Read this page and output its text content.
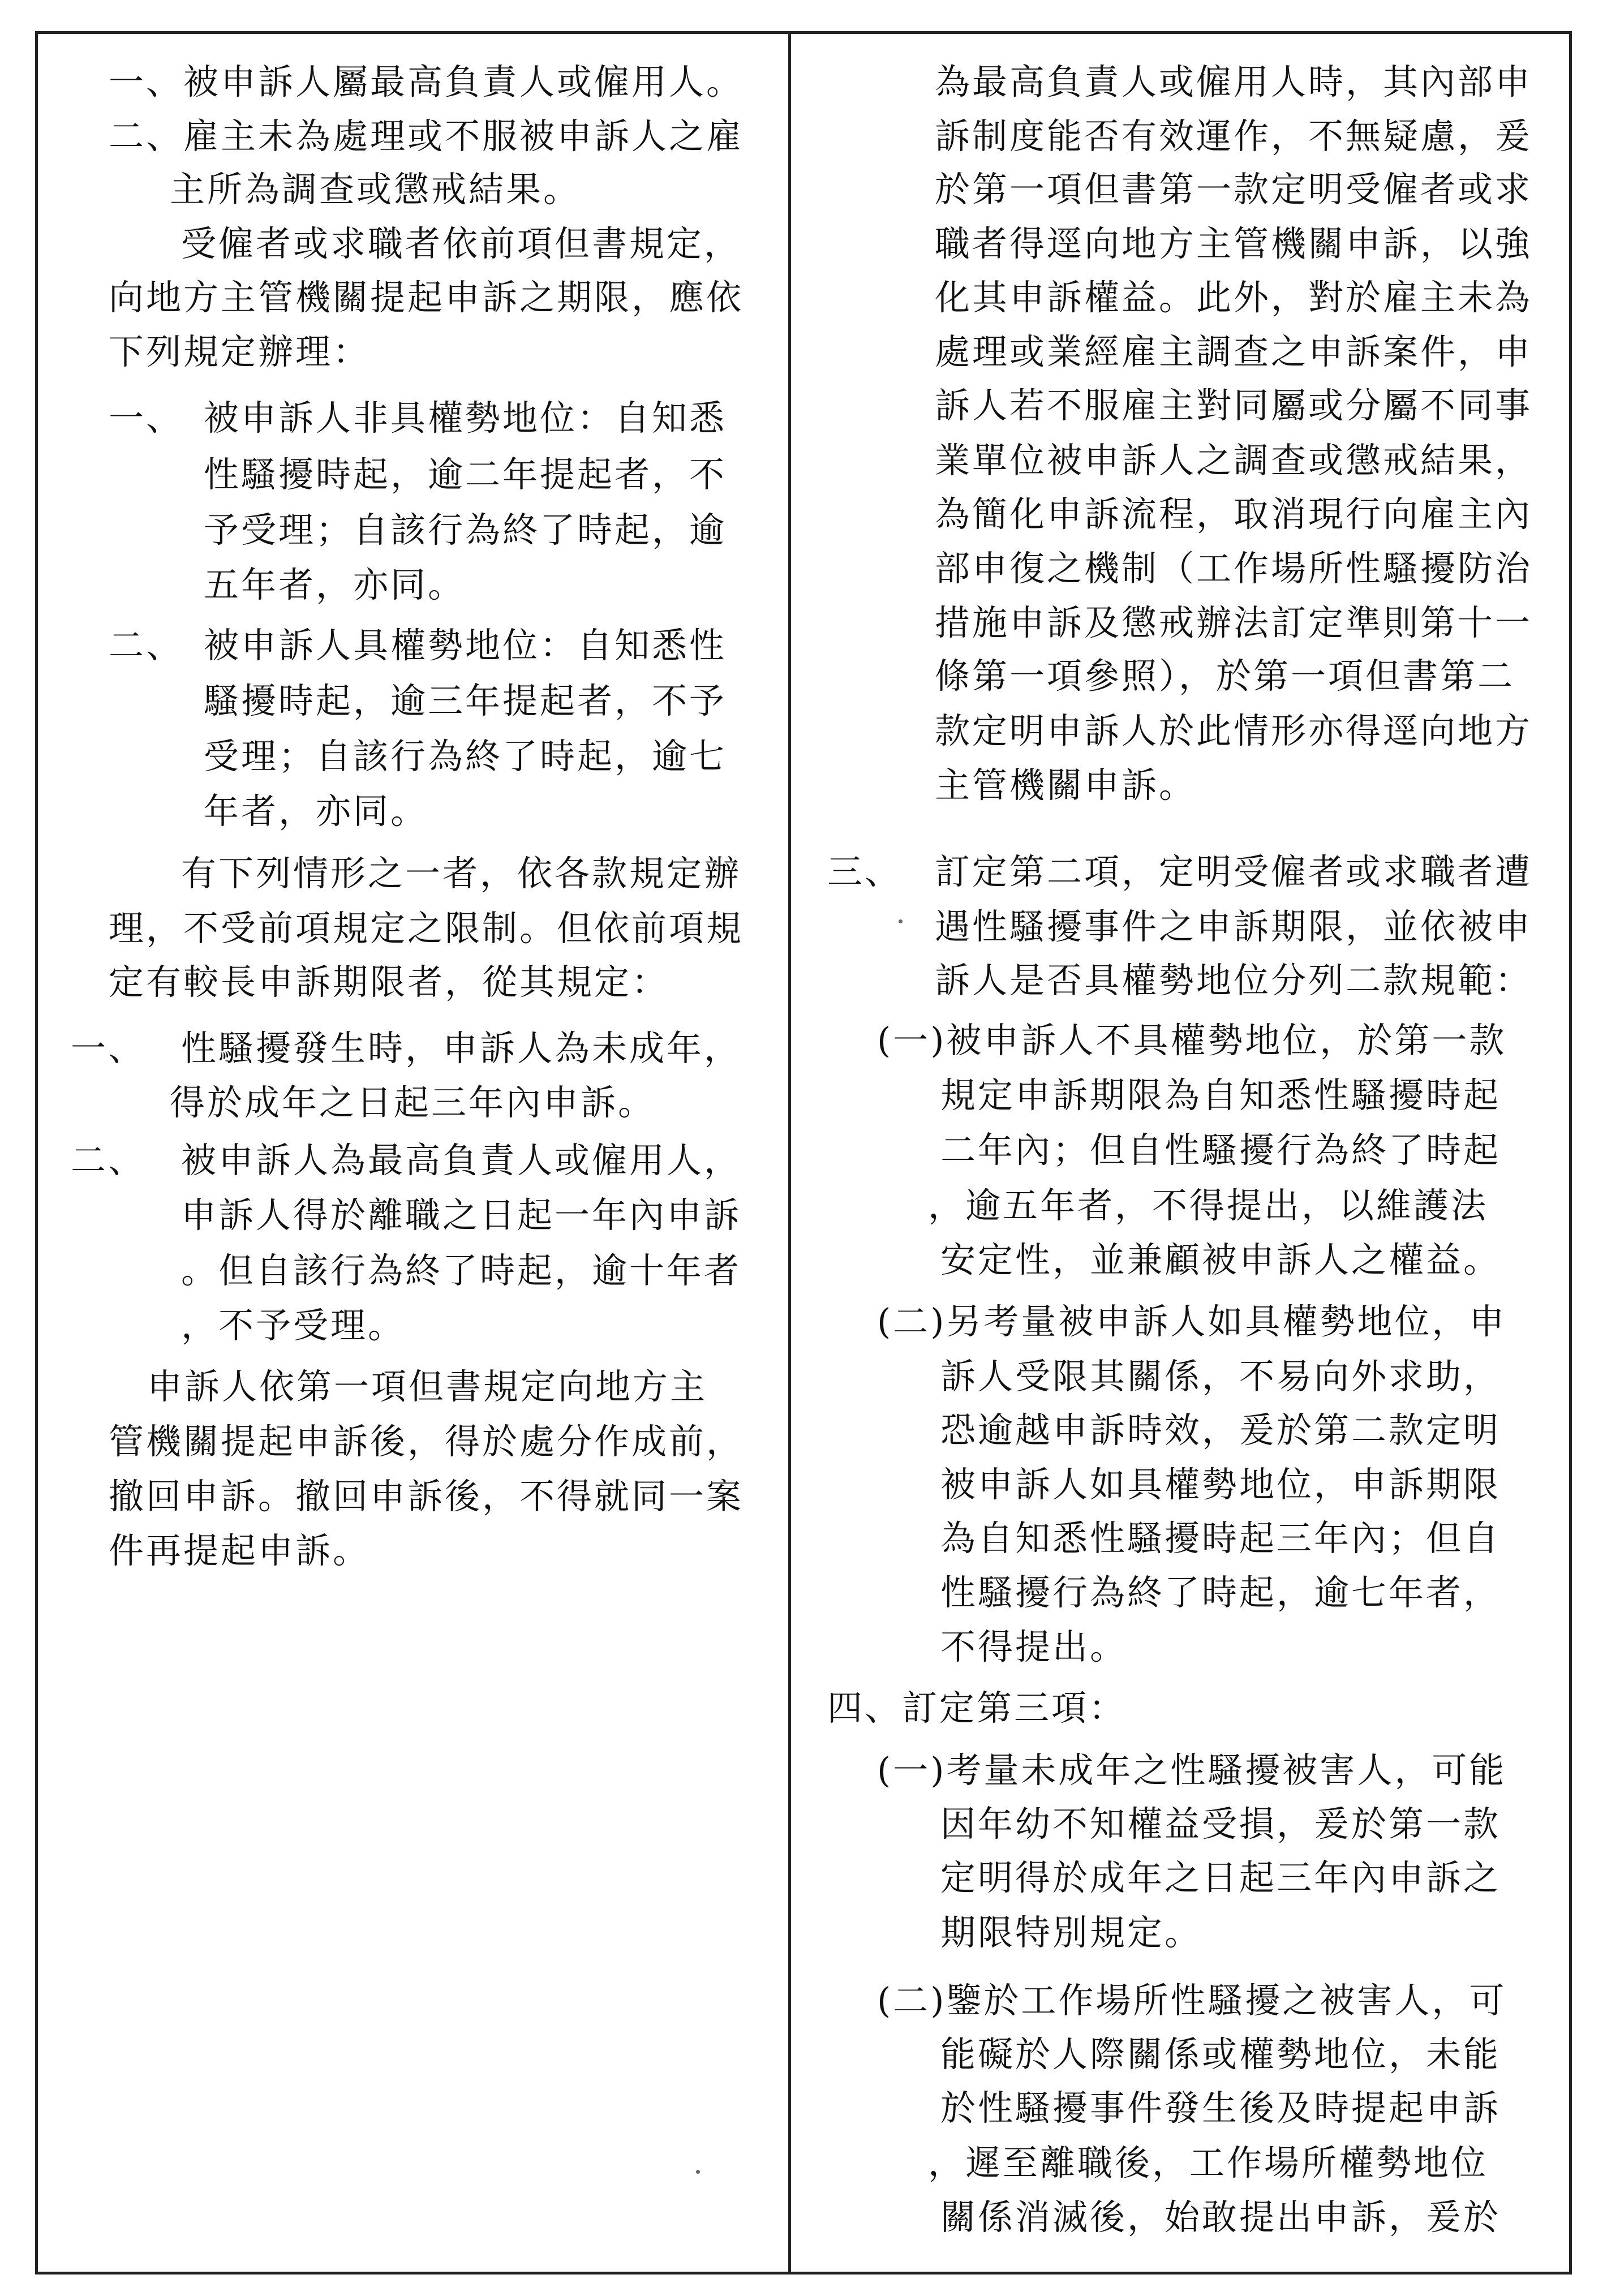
一、被申訴人屬最高負責人或僱用人。
二、雇主未為處理或不服被申訴人之雇
主所為調查或懲戒結果。
受僱者或求職者依前項但書規定，
向地方主管機關提起申訴之期限，應依
下列規定辦理：
一、 被申訴人非具權勢地位：自知悉
性騷擾時起，逾二年提起者，不
予受理；自該行為終了時起，逾
五年者，亦同。
二、 被申訴人具權勢地位：自知悉性
騷擾時起，逾三年提起者，不予
受理；自該行為終了時起，逾七
年者，亦同。
有下列情形之一者，依各款規定辦
理，不受前項規定之限制。但依前項規
定有較長申訴期限者，從其規定：
一、 性騷擾發生時，申訴人為未成年，
得於成年之日起三年內申訴。
二、 被申訴人為最高負責人或僱用人，
申訴人得於離職之日起一年內申訴
。但自該行為終了時起，逾十年者
，不予受理。
申訴人依第一項但書規定向地方主
管機關提起申訴後，得於處分作成前，
撤回申訴。撤回申訴後，不得就同一案
件再提起申訴。
為最高負責人或僱用人時，其內部申
訴制度能否有效運作，不無疑慮，爰
於第一項但書第一款定明受僱者或求
職者得逕向地方主管機關申訴，以強
化其申訴權益。此外，對於雇主未為
處理或業經雇主調查之申訴案件，申
訴人若不服雇主對同屬或分屬不同事
業單位被申訴人之調查或懲戒結果，
為簡化申訴流程，取消現行向雇主內
部申復之機制（工作場所性騷擾防治
措施申訴及懲戒辦法訂定準則第十一
條第一項參照），於第一項但書第二
款定明申訴人於此情形亦得逕向地方
主管機關申訴。
三、 訂定第二項，定明受僱者或求職者遭
遇性騷擾事件之申訴期限，並依被申
訴人是否具權勢地位分列二款規範：
(一)被申訴人不具權勢地位，於第一款
規定申訴期限為自知悉性騷擾時起
二年內；但自性騷擾行為終了時起
，逾五年者，不得提出，以維護法
安定性，並兼顧被申訴人之權益。
(二)另考量被申訴人如具權勢地位，申
訴人受限其關係，不易向外求助，
恐逾越申訴時效，爰於第二款定明
被申訴人如具權勢地位，申訴期限
為自知悉性騷擾時起三年內；但自
性騷擾行為終了時起，逾七年者，
不得提出。
四、訂定第三項：
(一)考量未成年之性騷擾被害人，可能
因年幼不知權益受損，爰於第一款
定明得於成年之日起三年內申訴之
期限特別規定。
(二)鑒於工作場所性騷擾之被害人，可
能礙於人際關係或權勢地位，未能
於性騷擾事件發生後及時提起申訴
，遲至離職後，工作場所權勢地位
關係消滅後，始敢提出申訴，爰於
